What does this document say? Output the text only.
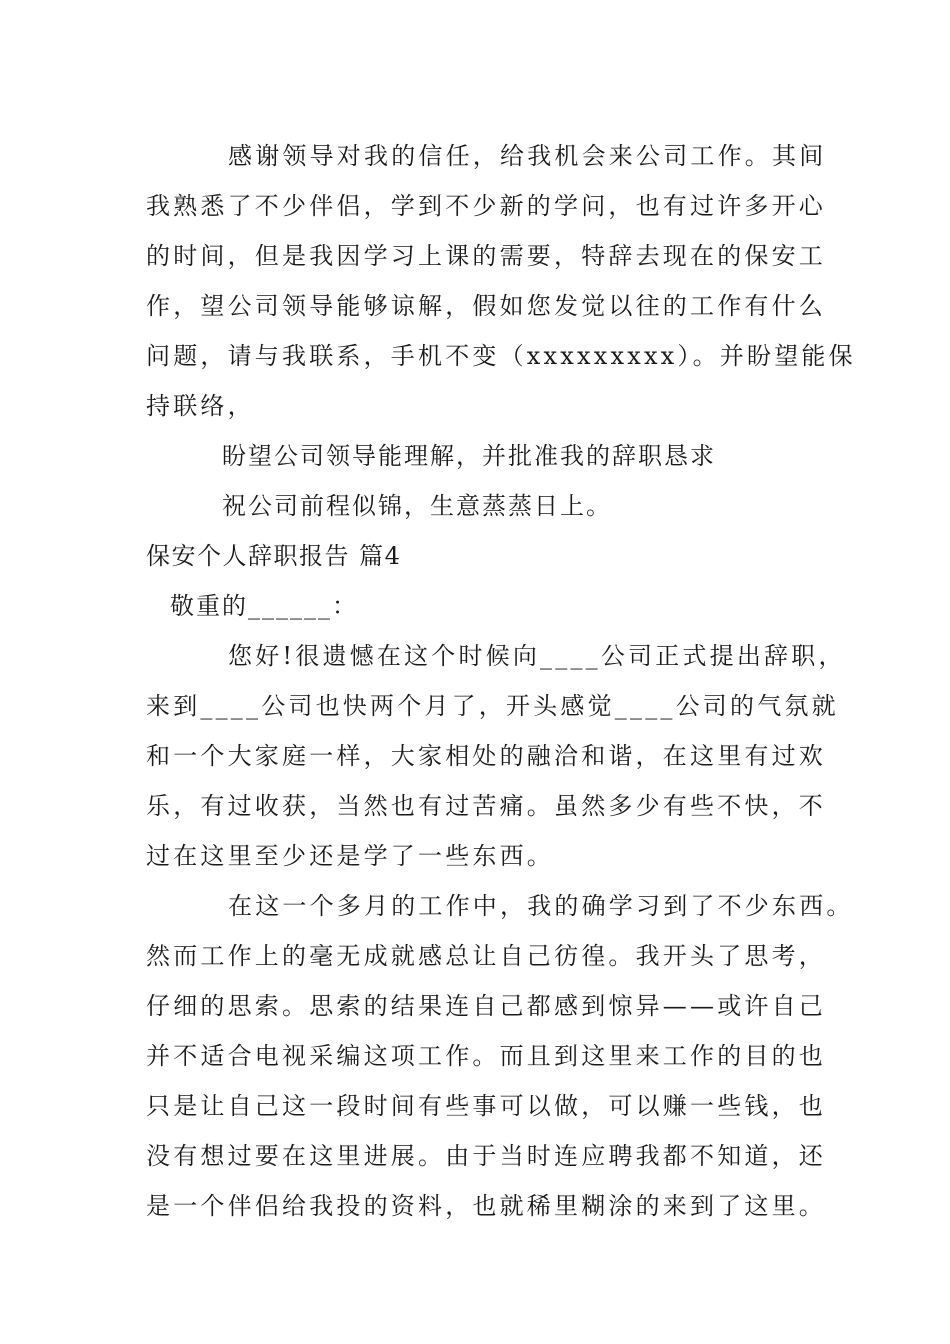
感谢领导对我的信任，给我机会来公司工作。其间
我熟悉了不少伴侣，学到不少新的学问，也有过许多开心
的时间，但是我因学习上课的需要，特辞去现在的保安工
作，望公司领导能够谅解，假如您发觉以往的工作有什么
问题，请与我联系，手机不变（xxxxxxxxx）。并盼望能保
持联络，
盼望公司领导能理解，并批准我的辞职恳求
祝公司前程似锦，生意蒸蒸日上。
保安个人辞职报告 篇4
敬重的______：
您好!很遗憾在这个时候向____公司正式提出辞职，
来到____公司也快两个月了，开头感觉____公司的气氛就
和一个大家庭一样，大家相处的融洽和谐，在这里有过欢
乐，有过收获，当然也有过苦痛。虽然多少有些不快，不
过在这里至少还是学了一些东西。
在这一个多月的工作中，我的确学习到了不少东西。
然而工作上的毫无成就感总让自己彷徨。我开头了思考，
仔细的思索。思索的结果连自己都感到惊异——或许自己
并不适合电视采编这项工作。而且到这里来工作的目的也
只是让自己这一段时间有些事可以做，可以赚一些钱，也
没有想过要在这里进展。由于当时连应聘我都不知道，还
是一个伴侣给我投的资料，也就稀里糊涂的来到了这里。
